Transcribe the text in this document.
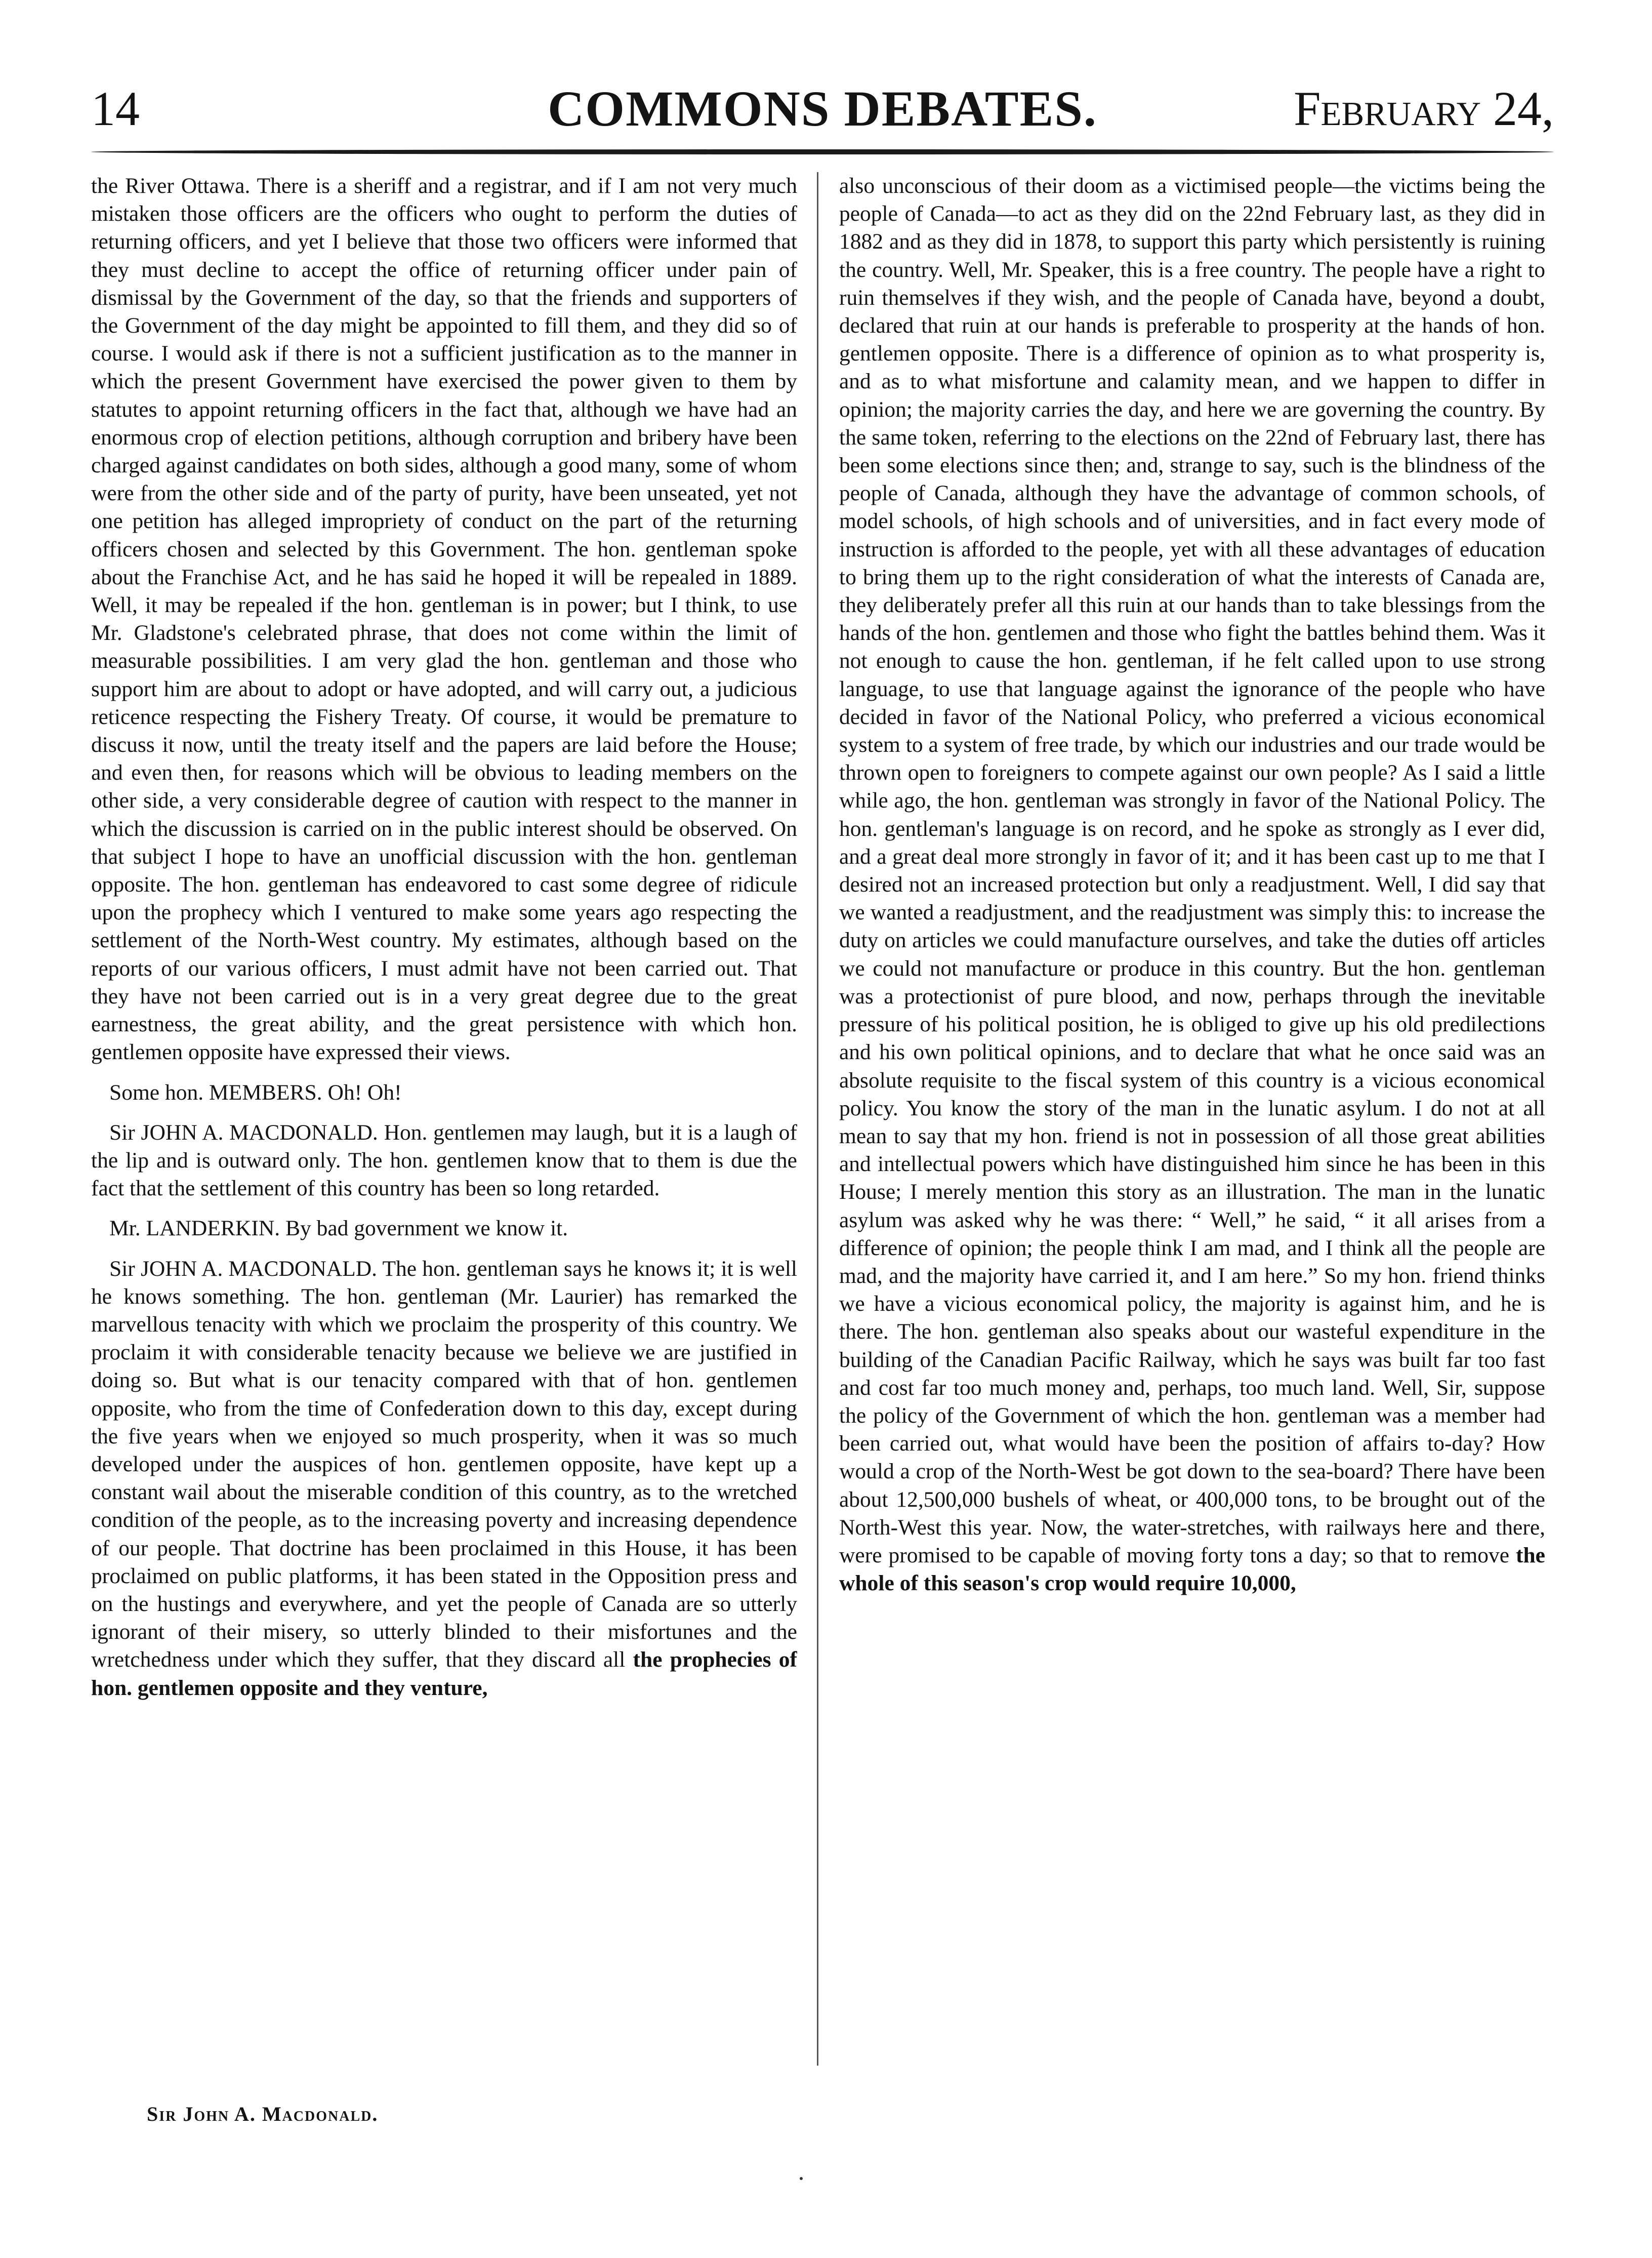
14	COMMONS DEBATES.	February 24,

the River Ottawa. There is a sheriff and a registrar, and if I am not very much mistaken those officers are the officers who ought to perform the duties of returning officers, and yet I believe that those two officers were informed that they must decline to accept the office of returning officer under pain of dismissal by the Government of the day, so that the friends and supporters of the Government of the day might be appointed to fill them, and they did so of course. I would ask if there is not a sufficient justification as to the manner in which the present Government have exercised the power given to them by statutes to appoint returning officers in the fact that, although we have had an enormous crop of election petitions, although corruption and bribery have been charged against candidates on both sides, although a good many, some of whom were from the other side and of the party of purity, have been unseated, yet not one petition has alleged impropriety of conduct on the part of the returning officers chosen and selected by this Government. The hon. gentleman spoke about the Franchise Act, and he has said he hoped it will be repealed in 1889. Well, it may be repealed if the hon. gentleman is in power; but I think, to use Mr. Gladstone's celebrated phrase, that does not come within the limit of measurable possibilities. I am very glad the hon. gentleman and those who support him are about to adopt or have adopted, and will carry out, a judicious reticence respecting the Fishery Treaty. Of course, it would be premature to discuss it now, until the treaty itself and the papers are laid before the House; and even then, for reasons which will be obvious to leading members on the other side, a very considerable degree of caution with respect to the manner in which the discussion is carried on in the public interest should be observed. On that subject I hope to have an unofficial discussion with the hon. gentleman opposite. The hon. gentleman has endeavored to cast some degree of ridicule upon the prophecy which I ventured to make some years ago respecting the settlement of the North-West country. My estimates, although based on the reports of our various officers, I must admit have not been carried out. That they have not been carried out is in a very great degree due to the great earnestness, the great ability, and the great persistence with which hon. gentlemen opposite have expressed their views.

Some hon. MEMBERS. Oh! Oh!

Sir JOHN A. MACDONALD. Hon. gentlemen may laugh, but it is a laugh of the lip and is outward only. The hon. gentlemen know that to them is due the fact that the settlement of this country has been so long retarded.

Mr. LANDERKIN. By bad government we know it.

Sir JOHN A. MACDONALD. The hon. gentleman says he knows it; it is well he knows something. The hon. gentleman (Mr. Laurier) has remarked the marvellous tenacity with which we proclaim the prosperity of this country. We proclaim it with considerable tenacity because we believe we are justified in doing so. But what is our tenacity compared with that of hon. gentlemen opposite, who from the time of Confederation down to this day, except during the five years when we enjoyed so much prosperity, when it was so much developed under the auspices of hon. gentlemen opposite, have kept up a constant wail about the miserable condition of this country, as to the wretched condition of the people, as to the increasing poverty and increasing dependence of our people. That doctrine has been proclaimed in this House, it has been proclaimed on public platforms, it has been stated in the Opposition press and on the hustings and everywhere, and yet the people of Canada are so utterly ignorant of their misery, so utterly blinded to their misfortunes and the wretchedness under which they suffer, that they discard all the prophecies of hon. gentlemen opposite and they venture,

also unconscious of their doom as a victimised people—the victims being the people of Canada—to act as they did on the 22nd February last, as they did in 1882 and as they did in 1878, to support this party which persistently is ruining the country. Well, Mr. Speaker, this is a free country. The people have a right to ruin themselves if they wish, and the people of Canada have, beyond a doubt, declared that ruin at our hands is preferable to prosperity at the hands of hon. gentlemen opposite. There is a difference of opinion as to what prosperity is, and as to what misfortune and calamity mean, and we happen to differ in opinion; the majority carries the day, and here we are governing the country. By the same token, referring to the elections on the 22nd of February last, there has been some elections since then; and, strange to say, such is the blindness of the people of Canada, although they have the advantage of common schools, of model schools, of high schools and of universities, and in fact every mode of instruction is afforded to the people, yet with all these advantages of education to bring them up to the right consideration of what the interests of Canada are, they deliberately prefer all this ruin at our hands than to take blessings from the hands of the hon. gentlemen and those who fight the battles behind them. Was it not enough to cause the hon. gentleman, if he felt called upon to use strong language, to use that language against the ignorance of the people who have decided in favor of the National Policy, who preferred a vicious economical system to a system of free trade, by which our industries and our trade would be thrown open to foreigners to compete against our own people? As I said a little while ago, the hon. gentleman was strongly in favor of the National Policy. The hon. gentleman's language is on record, and he spoke as strongly as I ever did, and a great deal more strongly in favor of it; and it has been cast up to me that I desired not an increased protection but only a readjustment. Well, I did say that we wanted a readjustment, and the readjustment was simply this: to increase the duty on articles we could manufacture ourselves, and take the duties off articles we could not manufacture or produce in this country. But the hon. gentleman was a protectionist of pure blood, and now, perhaps through the inevitable pressure of his political position, he is obliged to give up his old predilections and his own political opinions, and to declare that what he once said was an absolute requisite to the fiscal system of this country is a vicious economical policy. You know the story of the man in the lunatic asylum. I do not at all mean to say that my hon. friend is not in possession of all those great abilities and intellectual powers which have distinguished him since he has been in this House; I merely mention this story as an illustration. The man in the lunatic asylum was asked why he was there: “ Well,” he said, “ it all arises from a difference of opinion; the people think I am mad, and I think all the people are mad, and the majority have carried it, and I am here.” So my hon. friend thinks we have a vicious economical policy, the majority is against him, and he is there. The hon. gentleman also speaks about our wasteful expenditure in the building of the Canadian Pacific Railway, which he says was built far too fast and cost far too much money and, perhaps, too much land. Well, Sir, suppose the policy of the Government of which the hon. gentleman was a member had been carried out, what would have been the position of affairs to-day? How would a crop of the North-West be got down to the sea-board? There have been about 12,500,000 bushels of wheat, or 400,000 tons, to be brought out of the North-West this year. Now, the water-stretches, with railways here and there, were promised to be capable of moving forty tons a day; so that to remove the whole of this season's crop would require 10,000,

Sir John A. Macdonald.
